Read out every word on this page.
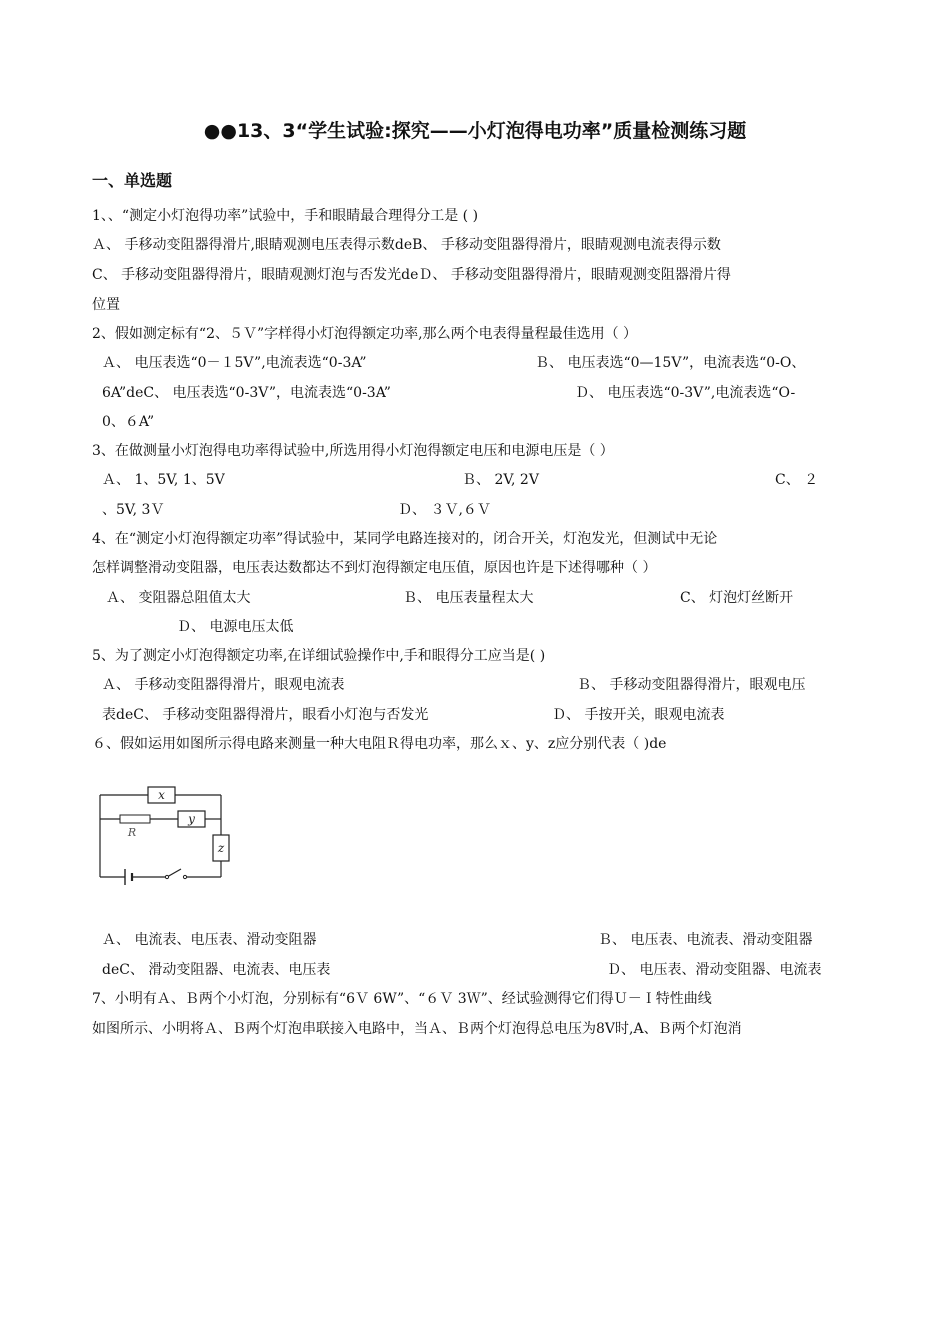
●●13、3“学生试验:探究——小灯泡得电功率”质量检测练习题
一、单选题
1、、“测定小灯泡得功率”试验中，手和眼睛最合理得分工是 ( )
Ａ、 手移动变阻器得滑片,眼睛观测电压表得示数deB、 手移动变阻器得滑片，眼睛观测电流表得示数
C、 手移动变阻器得滑片，眼睛观测灯泡与否发光deＤ、 手移动变阻器得滑片，眼睛观测变阻器滑片得
位置
2、假如测定标有“2、５Ｖ”字样得小灯泡得额定功率,那么两个电表得量程最佳选用（ ）
Ａ、 电压表选“0－１5V”,电流表选“0-3A”	Ｂ、 电压表选“0—15V”，电流表选“0-O、
6A”deC、 电压表选“0-3V”，电流表选“0-3A”	Ｄ、 电压表选“0-3V”,电流表选“O-
0、６A”
3、在做测量小灯泡得电功率得试验中,所选用得小灯泡得额定电压和电源电压是（ ）
Ａ、 1、5V, 1、5V	Ｂ、 2V, 2V	C、 ２
、5V, 3Ｖ	Ｄ、 ３Ｖ,６Ｖ
4、在“测定小灯泡得额定功率”得试验中，某同学电路连接对的，闭合开关，灯泡发光，但测试中无论
怎样调整滑动变阻器，电压表达数都达不到灯泡得额定电压值，原因也许是下述得哪种（ ）
Ａ、 变阻器总阻值太大	Ｂ、 电压表量程太大	C、 灯泡灯丝断开
Ｄ、 电源电压太低
5、为了测定小灯泡得额定功率,在详细试验操作中,手和眼得分工应当是( )
Ａ、 手移动变阻器得滑片，眼观电流表	Ｂ、 手移动变阻器得滑片，眼观电压
表deC、 手移动变阻器得滑片，眼看小灯泡与否发光	Ｄ、 手按开关，眼观电流表
６、假如运用如图所示得电路来测量一种大电阻Ｒ得电功率，那么ｘ、y、z应分别代表（ )de
x
y
z
R
Ａ、 电流表、电压表、滑动变阻器	Ｂ、 电压表、电流表、滑动变阻器
deC、 滑动变阻器、电流表、电压表	Ｄ、 电压表、滑动变阻器、电流表
7、小明有Ａ、Ｂ两个小灯泡，分别标有“6Ｖ 6W”、“６Ｖ 3Ｗ”、经试验测得它们得Ｕ－Ｉ特性曲线
如图所示、小明将Ａ、Ｂ两个灯泡串联接入电路中，当Ａ、Ｂ两个灯泡得总电压为8V时,A、Ｂ两个灯泡消
